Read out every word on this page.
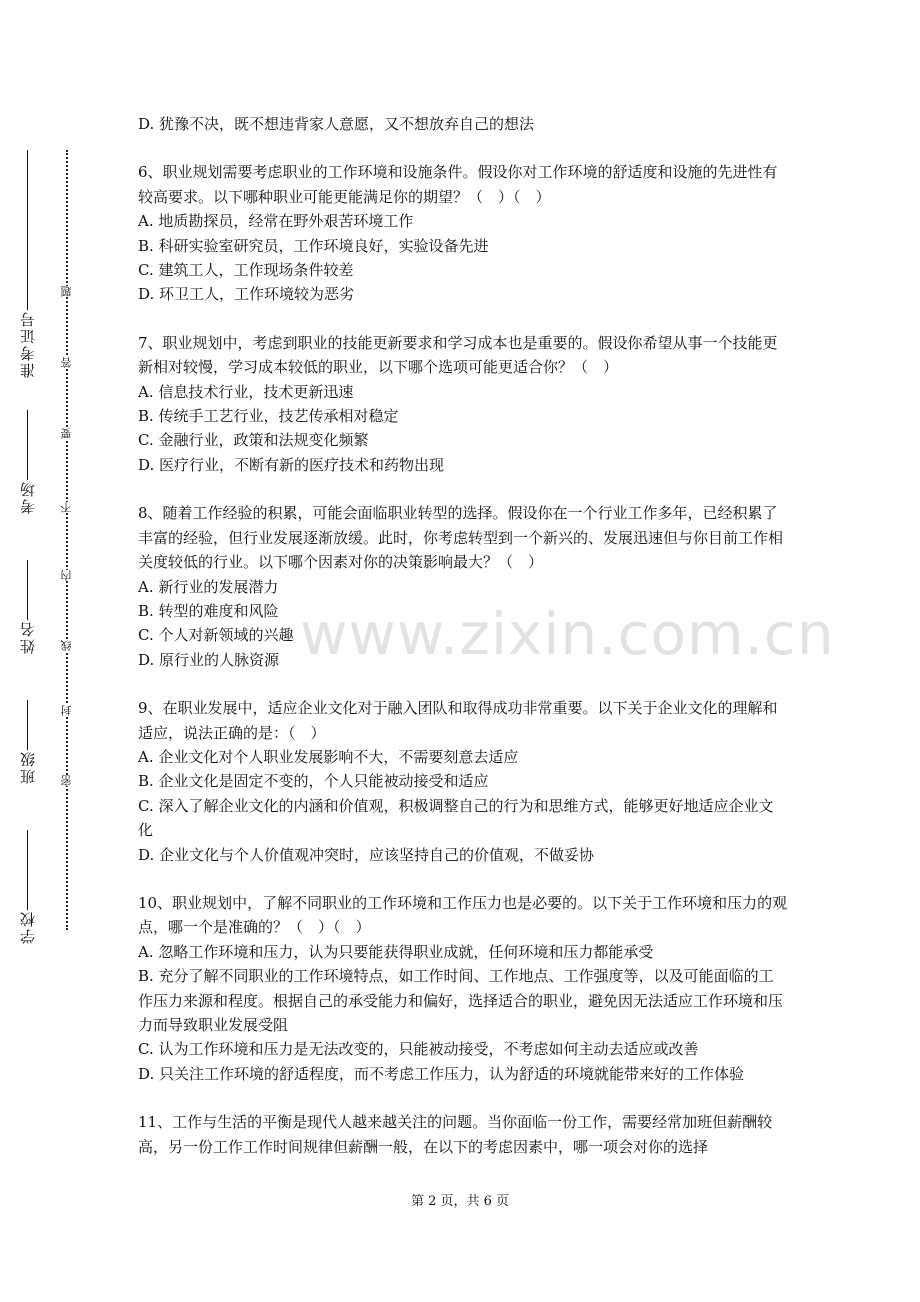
准考证号
考场
姓名
班级
学校
题
答
要
不
内
线
封
密

D. 犹豫不决，既不想违背家人意愿，又不想放弃自己的想法

6、职业规划需要考虑职业的工作环境和设施条件。假设你对工作环境的舒适度和设施的先进性有较高要求。以下哪种职业可能更能满足你的期望？（　）（　）

A. 地质勘探员，经常在野外艰苦环境工作

B. 科研实验室研究员，工作环境良好，实验设备先进

C. 建筑工人，工作现场条件较差

D. 环卫工人，工作环境较为恶劣

7、职业规划中，考虑到职业的技能更新要求和学习成本也是重要的。假设你希望从事一个技能更新相对较慢，学习成本较低的职业，以下哪个选项可能更适合你？（　）

A. 信息技术行业，技术更新迅速

B. 传统手工艺行业，技艺传承相对稳定

C. 金融行业，政策和法规变化频繁

D. 医疗行业，不断有新的医疗技术和药物出现

8、随着工作经验的积累，可能会面临职业转型的选择。假设你在一个行业工作多年，已经积累了丰富的经验，但行业发展逐渐放缓。此时，你考虑转型到一个新兴的、发展迅速但与你目前工作相关度较低的行业。以下哪个因素对你的决策影响最大？（　）

A. 新行业的发展潜力

B. 转型的难度和风险

C. 个人对新领域的兴趣

D. 原行业的人脉资源

9、在职业发展中，适应企业文化对于融入团队和取得成功非常重要。以下关于企业文化的理解和适应，说法正确的是：（　）

A. 企业文化对个人职业发展影响不大，不需要刻意去适应

B. 企业文化是固定不变的，个人只能被动接受和适应

C. 深入了解企业文化的内涵和价值观，积极调整自己的行为和思维方式，能够更好地适应企业文化

D. 企业文化与个人价值观冲突时，应该坚持自己的价值观，不做妥协

10、职业规划中，了解不同职业的工作环境和工作压力也是必要的。以下关于工作环境和压力的观点，哪一个是准确的？（　）（　）

A. 忽略工作环境和压力，认为只要能获得职业成就，任何环境和压力都能承受

B. 充分了解不同职业的工作环境特点，如工作时间、工作地点、工作强度等，以及可能面临的工作压力来源和程度。根据自己的承受能力和偏好，选择适合的职业，避免因无法适应工作环境和压力而导致职业发展受阻

C. 认为工作环境和压力是无法改变的，只能被动接受，不考虑如何主动去适应或改善

D. 只关注工作环境的舒适程度，而不考虑工作压力，认为舒适的环境就能带来好的工作体验

11、工作与生活的平衡是现代人越来越关注的问题。当你面临一份工作，需要经常加班但薪酬较高，另一份工作工作时间规律但薪酬一般，在以下的考虑因素中，哪一项会对你的选择

www.zixin.com.cn
第 2 页，共 6 页
